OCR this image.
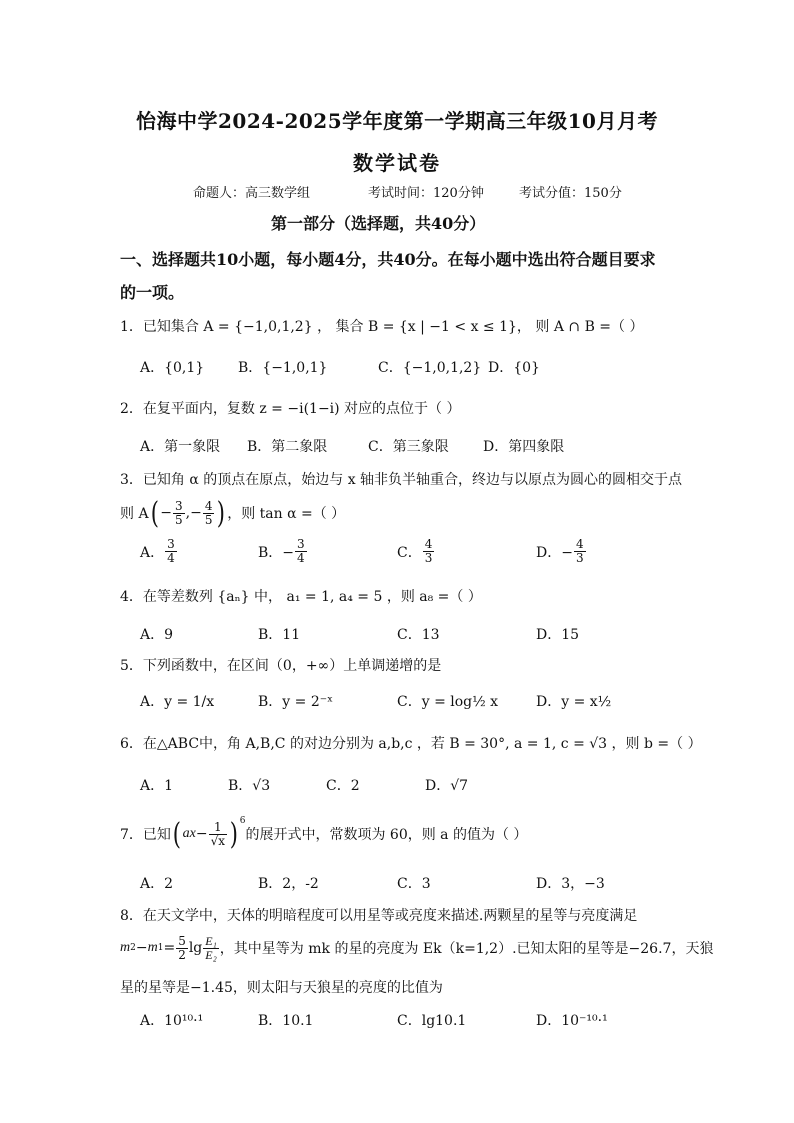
怡海中学2024-2025学年度第一学期高三年级10月月考
数学试卷
命题人：高三数学组	考试时间：120分钟	考试分值：150分
第一部分（选择题，共40分）
一、选择题共10小题，每小题4分，共40分。在每小题中选出符合题目要求
的一项。
1．已知集合 A = {−1,0,1,2} ， 集合 B = {x | −1 < x ≤ 1}， 则 A ∩ B =（ ）
A．{0,1} B．{−1,0,1}	C．{−1,0,1,2} D．{0}
2．在复平面内，复数 z = −i(1−i) 对应的点位于（ ）
A．第一象限 B．第二象限	C．第三象限 D．第四象限
3．已知角 α 的顶点在原点，始边与 x 轴非负半轴重合，终边与以原点为圆心的圆相交于点
则 A ( − $\frac{3}{5}$ ,− $\frac{4}{5}$ ) ，则 tan α =（ ）
A． $\frac{3}{4}$	B．− $\frac{3}{4}$	C． $\frac{4}{3}$	D．− $\frac{4}{3}$
4．在等差数列 {aₙ} 中， a₁ = 1, a₄ = 5 ，则 a₈ =（ ）
A．9	B．11	C．13	D．15
5．下列函数中，在区间（0，+∞）上单调递增的是
A．y = 1/x	B．y = 2⁻ˣ	C．y = log½ x	D．y = x½
6．在△ABC中，角 A,B,C 的对边分别为 a,b,c ，若 B = 30°, a = 1, c = √3 ，则 b =（ ）
A．1	B．√3	C．2	D．√7
7．已知 ( ax − $\frac{1}{√x} )^6$
的展开式中，常数项为 60，则 a 的值为（ ）
A．2	B．2，-2	C．3	D．3，−3
8．在天文学中，天体的明暗程度可以用星等或亮度来描述.两颗星的星等与亮度满足
m 2 − m $1 = \frac{5}{2}$ $\lg \frac{\text{E₁}}{\text{E₂}}$ ，其中星等为 mk 的星的亮度为 Ek（k=1,2）.已知太阳的星等是−26.7，天狼
星的星等是−1.45，则太阳与天狼星的亮度的比值为
A．10¹⁰·¹	B．10.1	C．lg10.1	D．10⁻¹⁰·¹
